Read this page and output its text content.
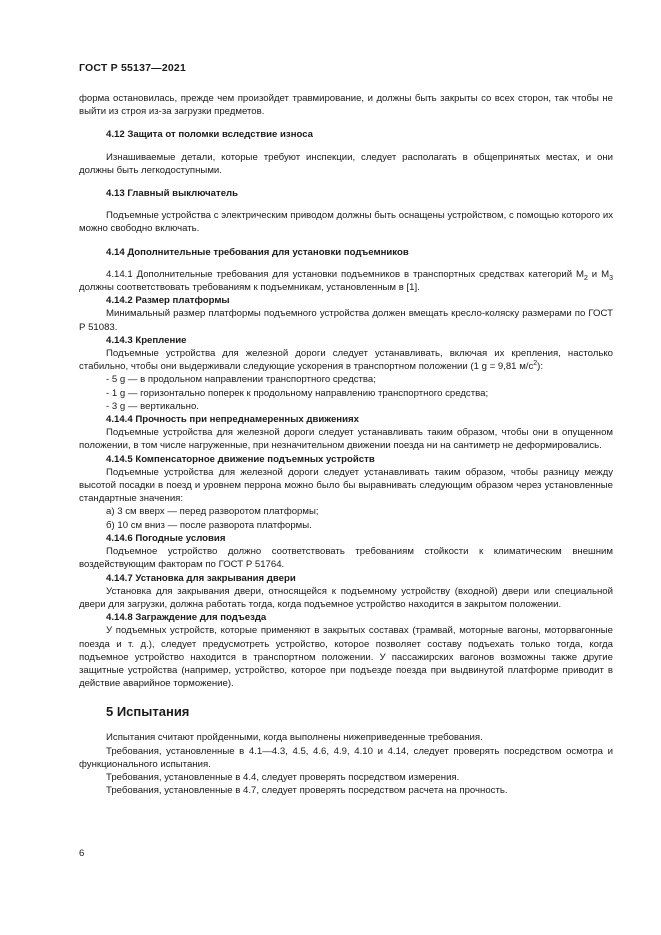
ГОСТ Р 55137—2021

форма остановилась, прежде чем произойдет травмирование, и должны быть закрыты со всех сторон, так чтобы не выйти из строя из-за загрузки предметов.

4.12 Защита от поломки вследствие износа

Изнашиваемые детали, которые требуют инспекции, следует располагать в общепринятых местах, и они должны быть легкодоступными.

4.13 Главный выключатель

Подъемные устройства с электрическим приводом должны быть оснащены устройством, с помощью которого их можно свободно включать.

4.14 Дополнительные требования для установки подъемников

4.14.1 Дополнительные требования для установки подъемников в транспортных средствах категорий $M_2$ и $M_3$ должны соответствовать требованиям к подъемникам, установленным в [1].

4.14.2 Размер платформы

Минимальный размер платформы подъемного устройства должен вмещать кресло-коляску размерами по ГОСТ Р 51083.

4.14.3 Крепление

Подъемные устройства для железной дороги следует устанавливать, включая их крепления, настолько стабильно, чтобы они выдерживали следующие ускорения в транспортном положении (1 g = 9,81 $м/с^2$):

- 5 g — в продольном направлении транспортного средства;

- 1 g — горизонтально поперек к продольному направлению транспортного средства;

- 3 g — вертикально.

4.14.4 Прочность при непреднамеренных движениях

Подъемные устройства для железной дороги следует устанавливать таким образом, чтобы они в опущенном положении, в том числе нагруженные, при незначительном движении поезда ни на сантиметр не деформировались.

4.14.5 Компенсаторное движение подъемных устройств

Подъемные устройства для железной дороги следует устанавливать таким образом, чтобы разницу между высотой посадки в поезд и уровнем перрона можно было бы выравнивать следующим образом через установленные стандартные значения:

а) 3 см вверх — перед разворотом платформы;

б) 10 см вниз — после разворота платформы.

4.14.6 Погодные условия

Подъемное устройство должно соответствовать требованиям стойкости к климатическим внешним воздействующим факторам по ГОСТ Р 51764.

4.14.7 Установка для закрывания двери

Установка для закрывания двери, относящейся к подъемному устройству (входной) двери или специальной двери для загрузки, должна работать тогда, когда подъемное устройство находится в закрытом положении.

4.14.8 Заграждение для подъезда

У подъемных устройств, которые применяют в закрытых составах (трамвай, моторные вагоны, моторвагонные поезда и т. д.), следует предусмотреть устройство, которое позволяет составу подъехать только тогда, когда подъемное устройство находится в транспортном положении. У пассажирских вагонов возможны также другие защитные устройства (например, устройство, которое при подъезде поезда при выдвинутой платформе приводит в действие аварийное торможение).

5 Испытания

Испытания считают пройденными, когда выполнены нижеприведенные требования.

Требования, установленные в 4.1—4.3, 4.5, 4.6, 4.9, 4.10 и 4.14, следует проверять посредством осмотра и функционального испытания.

Требования, установленные в 4.4, следует проверять посредством измерения.

Требования, установленные в 4.7, следует проверять посредством расчета на прочность.

6
